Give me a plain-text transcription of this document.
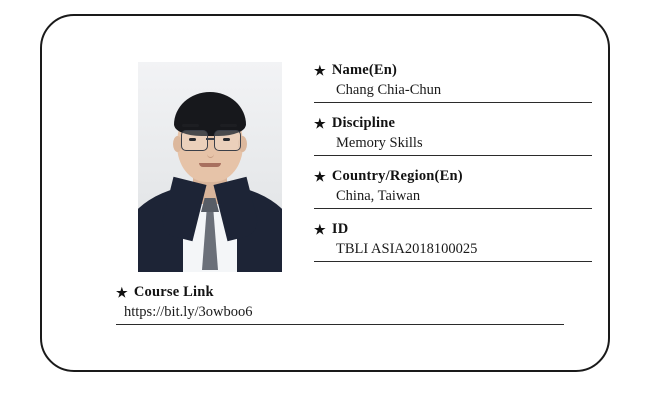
★ Name(En)
Chang Chia-Chun
★ Discipline
Memory Skills
★ Country/Region(En)
China, Taiwan
★ ID
TBLI ASIA2018100025
★ Course Link
https://bit.ly/3owboo6
